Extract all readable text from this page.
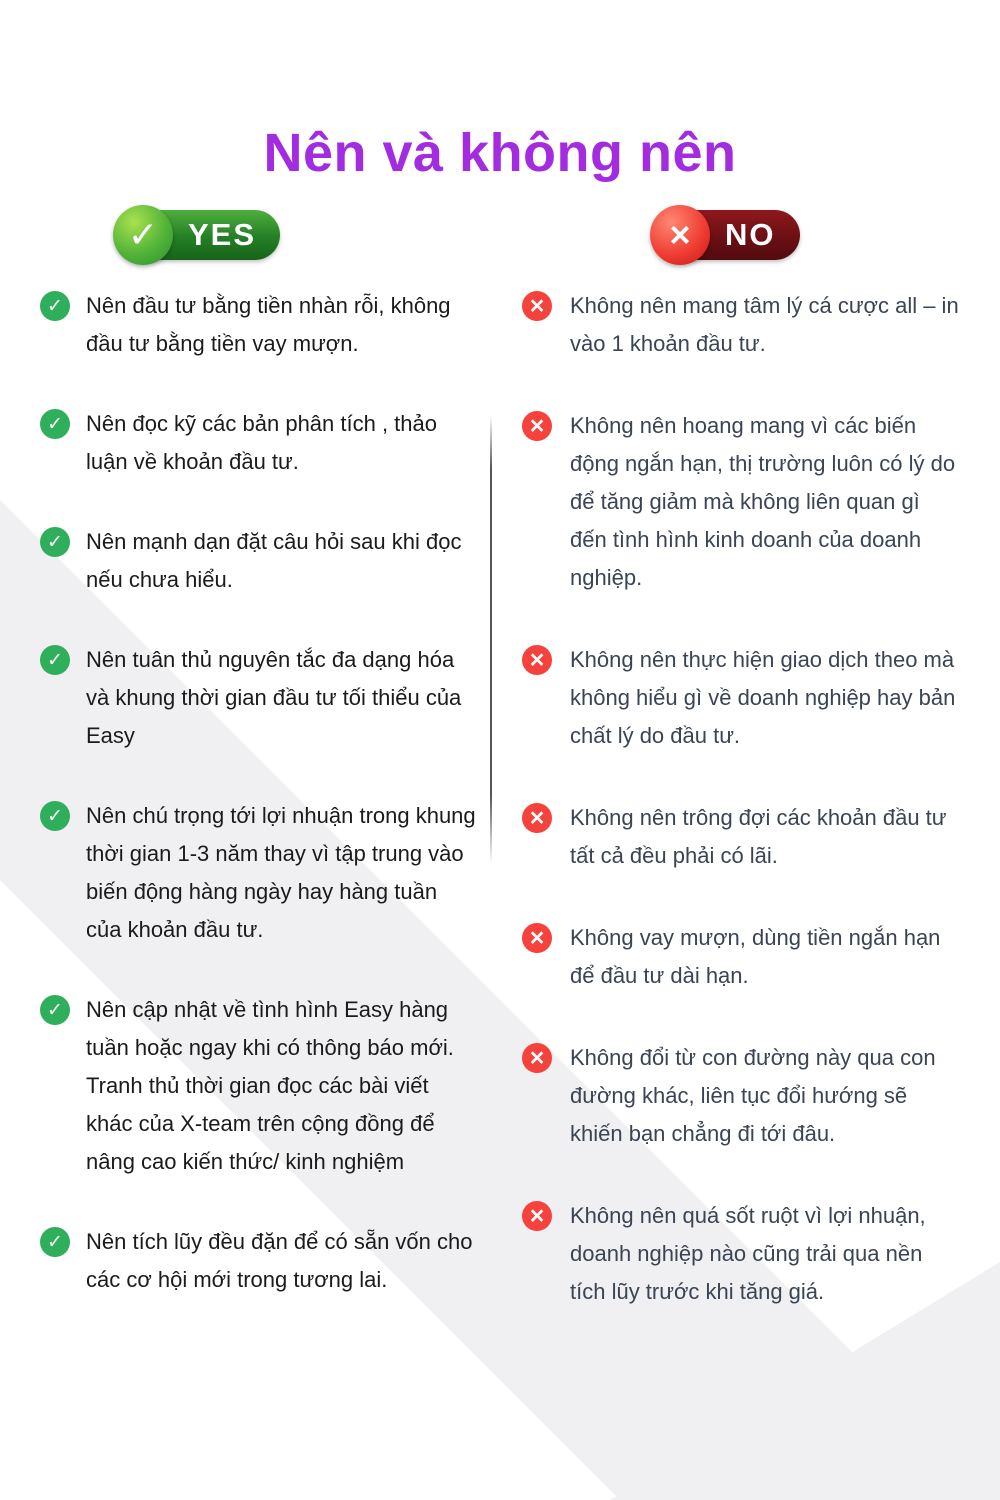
Nên và không nên
✓ YES	×	NO
✓	Nên đầu tư bằng tiền nhàn rỗi, không đầu tư bằng tiền vay mượn.
✓	Nên đọc kỹ các bản phân tích , thảo luận về khoản đầu tư.
✓	Nên mạnh dạn đặt câu hỏi sau khi đọc nếu chưa hiểu.
✓	Nên tuân thủ nguyên tắc đa dạng hóa và khung thời gian đầu tư tối thiểu của Easy
✓	Nên chú trọng tới lợi nhuận trong khung thời gian 1-3 năm thay vì tập trung vào biến động hàng ngày hay hàng tuần của khoản đầu tư.
✓	Nên cập nhật về tình hình Easy hàng tuần hoặc ngay khi có thông báo mới. Tranh thủ thời gian đọc các bài viết khác của X-team trên cộng đồng để nâng cao kiến thức/ kinh nghiệm
✓	Nên tích lũy đều đặn để có sẵn vốn cho các cơ hội mới trong tương lai.
×	Không nên mang tâm lý cá cược all – in vào 1 khoản đầu tư.
×	Không nên hoang mang vì các biến động ngắn hạn, thị trường luôn có lý do để tăng giảm mà không liên quan gì đến tình hình kinh doanh của doanh nghiệp.
×	Không nên thực hiện giao dịch theo mà không hiểu gì về doanh nghiệp hay bản chất lý do đầu tư.
×	Không nên trông đợi các khoản đầu tư tất cả đều phải có lãi.
×	Không vay mượn, dùng tiền ngắn hạn để đầu tư dài hạn.
×	Không đổi từ con đường này qua con đường khác, liên tục đổi hướng sẽ khiến bạn chẳng đi tới đâu.
×	Không nên quá sốt ruột vì lợi nhuận, doanh nghiệp nào cũng trải qua nền tích lũy trước khi tăng giá.
